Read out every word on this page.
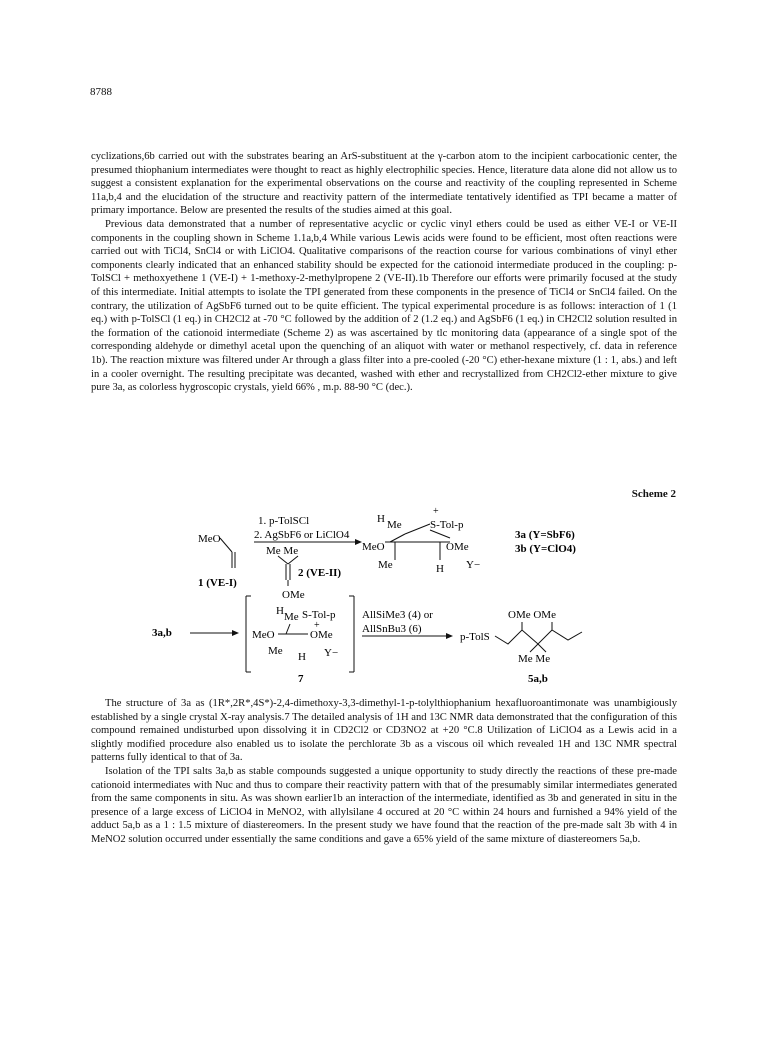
8788

cyclizations,6b carried out with the substrates bearing an ArS-substituent at the γ-carbon atom to the incipient carbocationic center, the presumed thiophanium intermediates were thought to react as highly electrophilic species. Hence, literature data alone did not allow us to suggest a consistent explanation for the experimental observations on the course and reactivity of the coupling represented in Scheme 11a,b,4 and the elucidation of the structure and reactivity pattern of the intermediate tentatively identified as TPI became a matter of primary importance. Below are presented the results of the studies aimed at this goal.

Previous data demonstrated that a number of representative acyclic or cyclic vinyl ethers could be used as either VE-I or VE-II components in the coupling shown in Scheme 1.1a,b,4 While various Lewis acids were found to be efficient, most often reactions were carried out with TiCl4, SnCl4 or with LiClO4. Qualitative comparisons of the reaction course for various combinations of vinyl ether components clearly indicated that an enhanced stability should be expected for the cationoid intermediate produced in the coupling: p-TolSCl + methoxyethene 1 (VE-I) + 1-methoxy-2-methylpropene 2 (VE-II).1b Therefore our efforts were primarily focused at the study of this intermediate. Initial attempts to isolate the TPI generated from these components in the presence of TiCl4 or SnCl4 failed. On the contrary, the utilization of AgSbF6 turned out to be quite efficient. The typical experimental procedure is as follows: interaction of 1 (1 eq.) with p-TolSCl (1 eq.) in CH2Cl2 at -70 °C followed by the addition of 2 (1.2 eq.) and AgSbF6 (1 eq.) in CH2Cl2 solution resulted in the formation of the cationoid intermediate (Scheme 2) as was ascertained by tlc monitoring data (appearance of a single spot of the corresponding aldehyde or dimethyl acetal upon the quenching of an aliquot with water or methanol respectively, cf. data in reference 1b). The reaction mixture was filtered under Ar through a glass filter into a pre-cooled (-20 °C) ether-hexane mixture (1 : 1, abs.) and left in a cooler overnight. The resulting precipitate was decanted, washed with ether and recrystallized from CH2Cl2-ether mixture to give pure 3a, as colorless hygroscopic crystals, yield 66% , m.p. 88-90 °C (dec.).

Scheme 2
MeO
1 (VE-I)
1. p-TolSCl
2. AgSbF6 or LiClO4
Me Me
2 (VE-II)
OMe
H Me
+
S-Tol-p
MeO	OMe
Me	H Y−
3a (Y=SbF6)
3b (Y=ClO4)
3a,b
H Me S-Tol-p
MeO
+
OMe
Me H Y−
7
AllSiMe3 (4) or
AllSnBu3 (6)
OMe OMe
p-TolS
Me Me
5a,b

The structure of 3a as (1R*,2R*,4S*)-2,4-dimethoxy-3,3-dimethyl-1-p-tolylthiophanium hexafluoroantimonate was unambigiously established by a single crystal X-ray analysis.7 The detailed analysis of 1H and 13C NMR data demonstrated that the configuration of this compound remained undisturbed upon dissolving it in CD2Cl2 or CD3NO2 at +20 °C.8 Utilization of LiClO4 as a Lewis acid in a slightly modified procedure also enabled us to isolate the perchlorate 3b as a viscous oil which revealed 1H and 13C NMR spectral patterns fully identical to that of 3a.

Isolation of the TPI salts 3a,b as stable compounds suggested a unique opportunity to study directly the reactions of these pre-made cationoid intermediates with Nuc and thus to compare their reactivity pattern with that of the presumably similar intermediates generated from the same components in situ. As was shown earlier1b an interaction of the intermediate, identified as 3b and generated in situ in the presence of a large excess of LiClO4 in MeNO2, with allylsilane 4 occured at 20 °C within 24 hours and furnished a 94% yield of the adduct 5a,b as a 1 : 1.5 mixture of diastereomers. In the present study we have found that the reaction of the pre-made salt 3b with 4 in MeNO2 solution occurred under essentially the same conditions and gave a 65% yield of the same mixture of diastereomers 5a,b.
